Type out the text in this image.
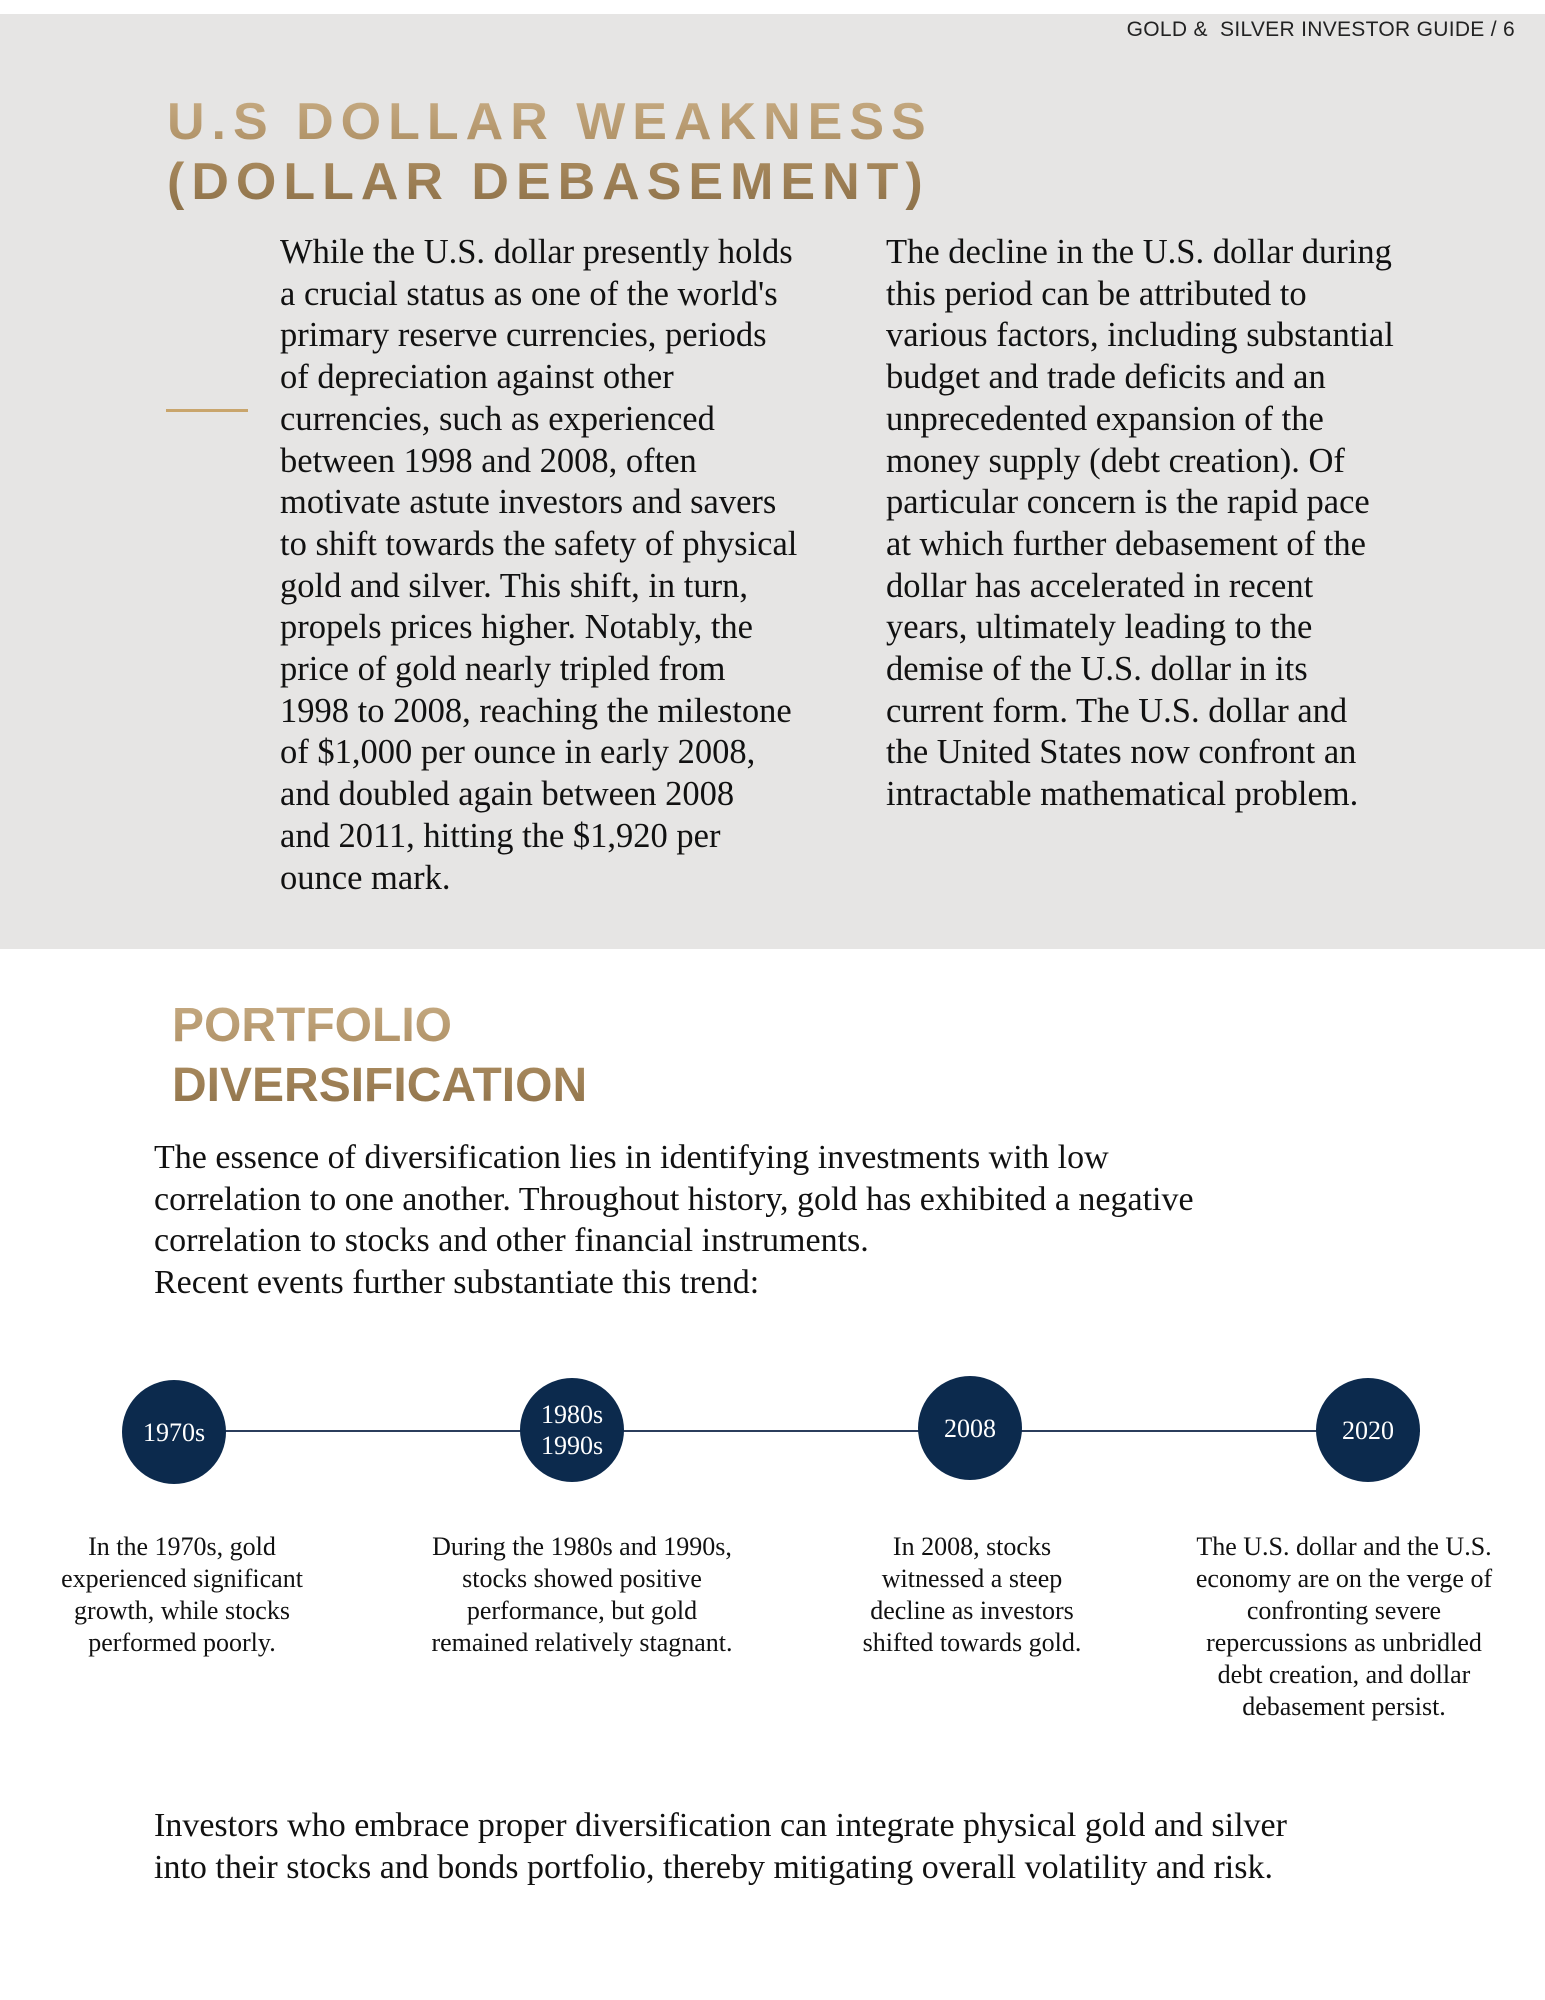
GOLD &  SILVER INVESTOR GUIDE / 6
U.S DOLLAR WEAKNESS
(DOLLAR DEBASEMENT)
While the U.S. dollar presently holds
a crucial status as one of the world's
primary reserve currencies, periods
of depreciation against other
currencies, such as experienced
between 1998 and 2008, often
motivate astute investors and savers
to shift towards the safety of physical
gold and silver. This shift, in turn,
propels prices higher. Notably, the
price of gold nearly tripled from
1998 to 2008, reaching the milestone
of $1,000 per ounce in early 2008,
and doubled again between 2008
and 2011, hitting the $1,920 per
ounce mark.
The decline in the U.S. dollar during
this period can be attributed to
various factors, including substantial
budget and trade deficits and an
unprecedented expansion of the
money supply (debt creation). Of
particular concern is the rapid pace
at which further debasement of the
dollar has accelerated in recent
years, ultimately leading to the
demise of the U.S. dollar in its
current form. The U.S. dollar and
the United States now confront an
intractable mathematical problem.
PORTFOLIO
DIVERSIFICATION
The essence of diversification lies in identifying investments with low
correlation to one another. Throughout history, gold has exhibited a negative
correlation to stocks and other financial instruments.
Recent events further substantiate this trend:
1970s
1980s
1990s
2008	2020
In the 1970s, gold
experienced significant
growth, while stocks
performed poorly.
During the 1980s and 1990s,
stocks showed positive
performance, but gold
remained relatively stagnant.
In 2008, stocks
witnessed a steep
decline as investors
shifted towards gold.
The U.S. dollar and the U.S.
economy are on the verge of
confronting severe
repercussions as unbridled
debt creation, and dollar
debasement persist.
Investors who embrace proper diversification can integrate physical gold and silver
into their stocks and bonds portfolio, thereby mitigating overall volatility and risk.
